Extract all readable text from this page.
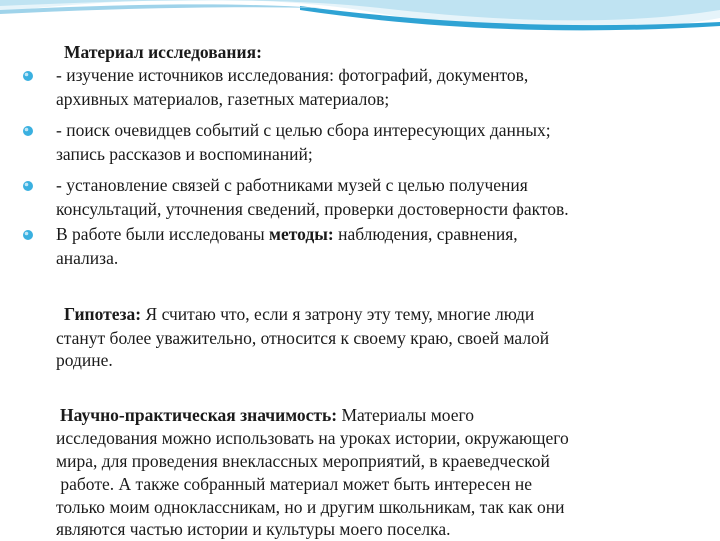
Материал исследования:
- изучение источников исследования: фотографий, документов,
архивных материалов, газетных материалов;
- поиск очевидцев событий с целью сбора интересующих данных;
запись рассказов и воспоминаний;
- установление связей с работниками музей с целью получения
консультаций, уточнения сведений, проверки достоверности фактов.
В работе были исследованы методы: наблюдения, сравнения,
анализа.
Гипотеза: Я считаю что, если я затрону эту тему, многие люди
станут более уважительно, относится к своему краю, своей малой
родине.
Научно-практическая значимость: Материалы моего
исследования можно использовать на уроках истории, окружающего
мира, для проведения внеклассных мероприятий, в краеведческой
работе. А также собранный материал может быть интересен не
только моим одноклассникам, но и другим школьникам, так как они
являются частью истории и культуры моего поселка.
